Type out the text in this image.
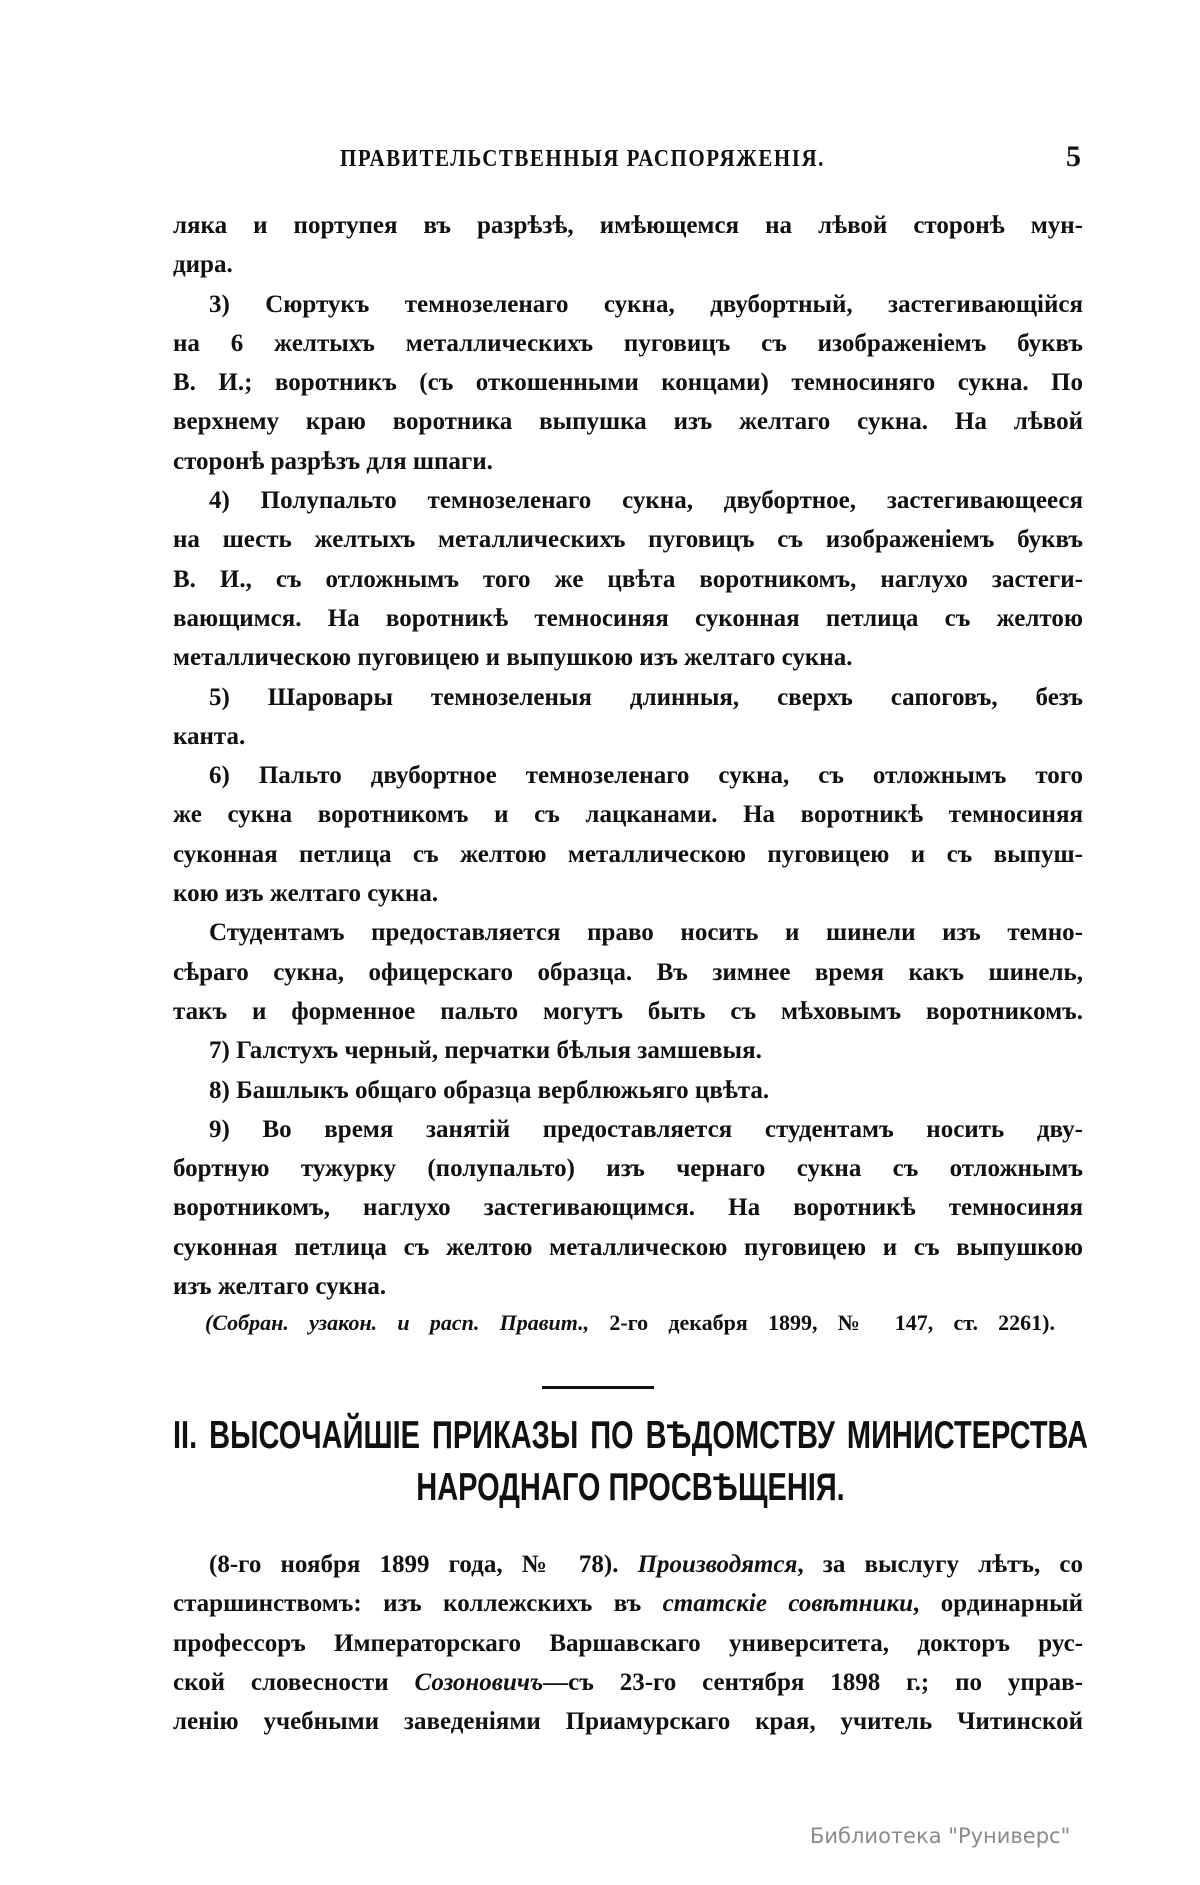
ПРАВИТЕЛЬСТВЕННЫЯ РАСПОРЯЖЕНІЯ.	5
ляка и портупея въ разрѣзѣ, имѣющемся на лѣвой сторонѣ мун-
дира.
3) Сюртукъ темнозеленаго сукна, двубортный, застегивающійся
на 6 желтыхъ металлическихъ пуговицъ съ изображеніемъ буквъ
В. И.; воротникъ (съ откошенными концами) темносиняго сукна. По
верхнему краю воротника выпушка изъ желтаго сукна. На лѣвой
сторонѣ разрѣзъ для шпаги.
4) Полупальто темнозеленаго сукна, двубортное, застегивающееся
на шесть желтыхъ металлическихъ пуговицъ съ изображеніемъ буквъ
В. И., съ отложнымъ того же цвѣта воротникомъ, наглухо застеги-
вающимся. На воротникѣ темносиняя суконная петлица съ желтою
металлическою пуговицею и выпушкою изъ желтаго сукна.
5) Шаровары темнозеленыя длинныя, сверхъ сапоговъ, безъ
канта.
6) Пальто двубортное темнозеленаго сукна, съ отложнымъ того
же сукна воротникомъ и съ лацканами. На воротникѣ темносиняя
суконная петлица съ желтою металлическою пуговицею и съ выпуш-
кою изъ желтаго сукна.
Студентамъ предоставляется право носить и шинели изъ темно-
сѣраго сукна, офицерскаго образца. Въ зимнее время какъ шинель,
такъ и форменное пальто могутъ быть съ мѣховымъ воротникомъ.
7) Галстухъ черный, перчатки бѣлыя замшевыя.
8) Башлыкъ общаго образца верблюжьяго цвѣта.
9) Во время занятій предоставляется студентамъ носить дву-
бортную тужурку (полупальто) изъ чернаго сукна съ отложнымъ
воротникомъ, наглухо застегивающимся. На воротникѣ темносиняя
суконная петлица съ желтою металлическою пуговицею и съ выпушкою
изъ желтаго сукна.
(Собран. узакон. и расп. Правит., 2-го декабря 1899, № 147, ст. 2261).
II. ВЫСОЧАЙШІЕ ПРИКАЗЫ ПО ВѢДОМСТВУ МИНИСТЕРСТВА
НАРОДНАГО ПРОСВѢЩЕНІЯ.
(8-го ноября 1899 года, № 78). Производятся, за выслугу лѣтъ, со
старшинствомъ: изъ коллежскихъ въ статскіе совѣтники, ординарный
профессоръ Императорскаго Варшавскаго университета, докторъ рус-
ской словесности Созоновичъ—съ 23-го сентября 1898 г.; по управ-
ленію учебными заведеніями Приамурскаго края, учитель Читинской
Библиотека "Руниверс"
